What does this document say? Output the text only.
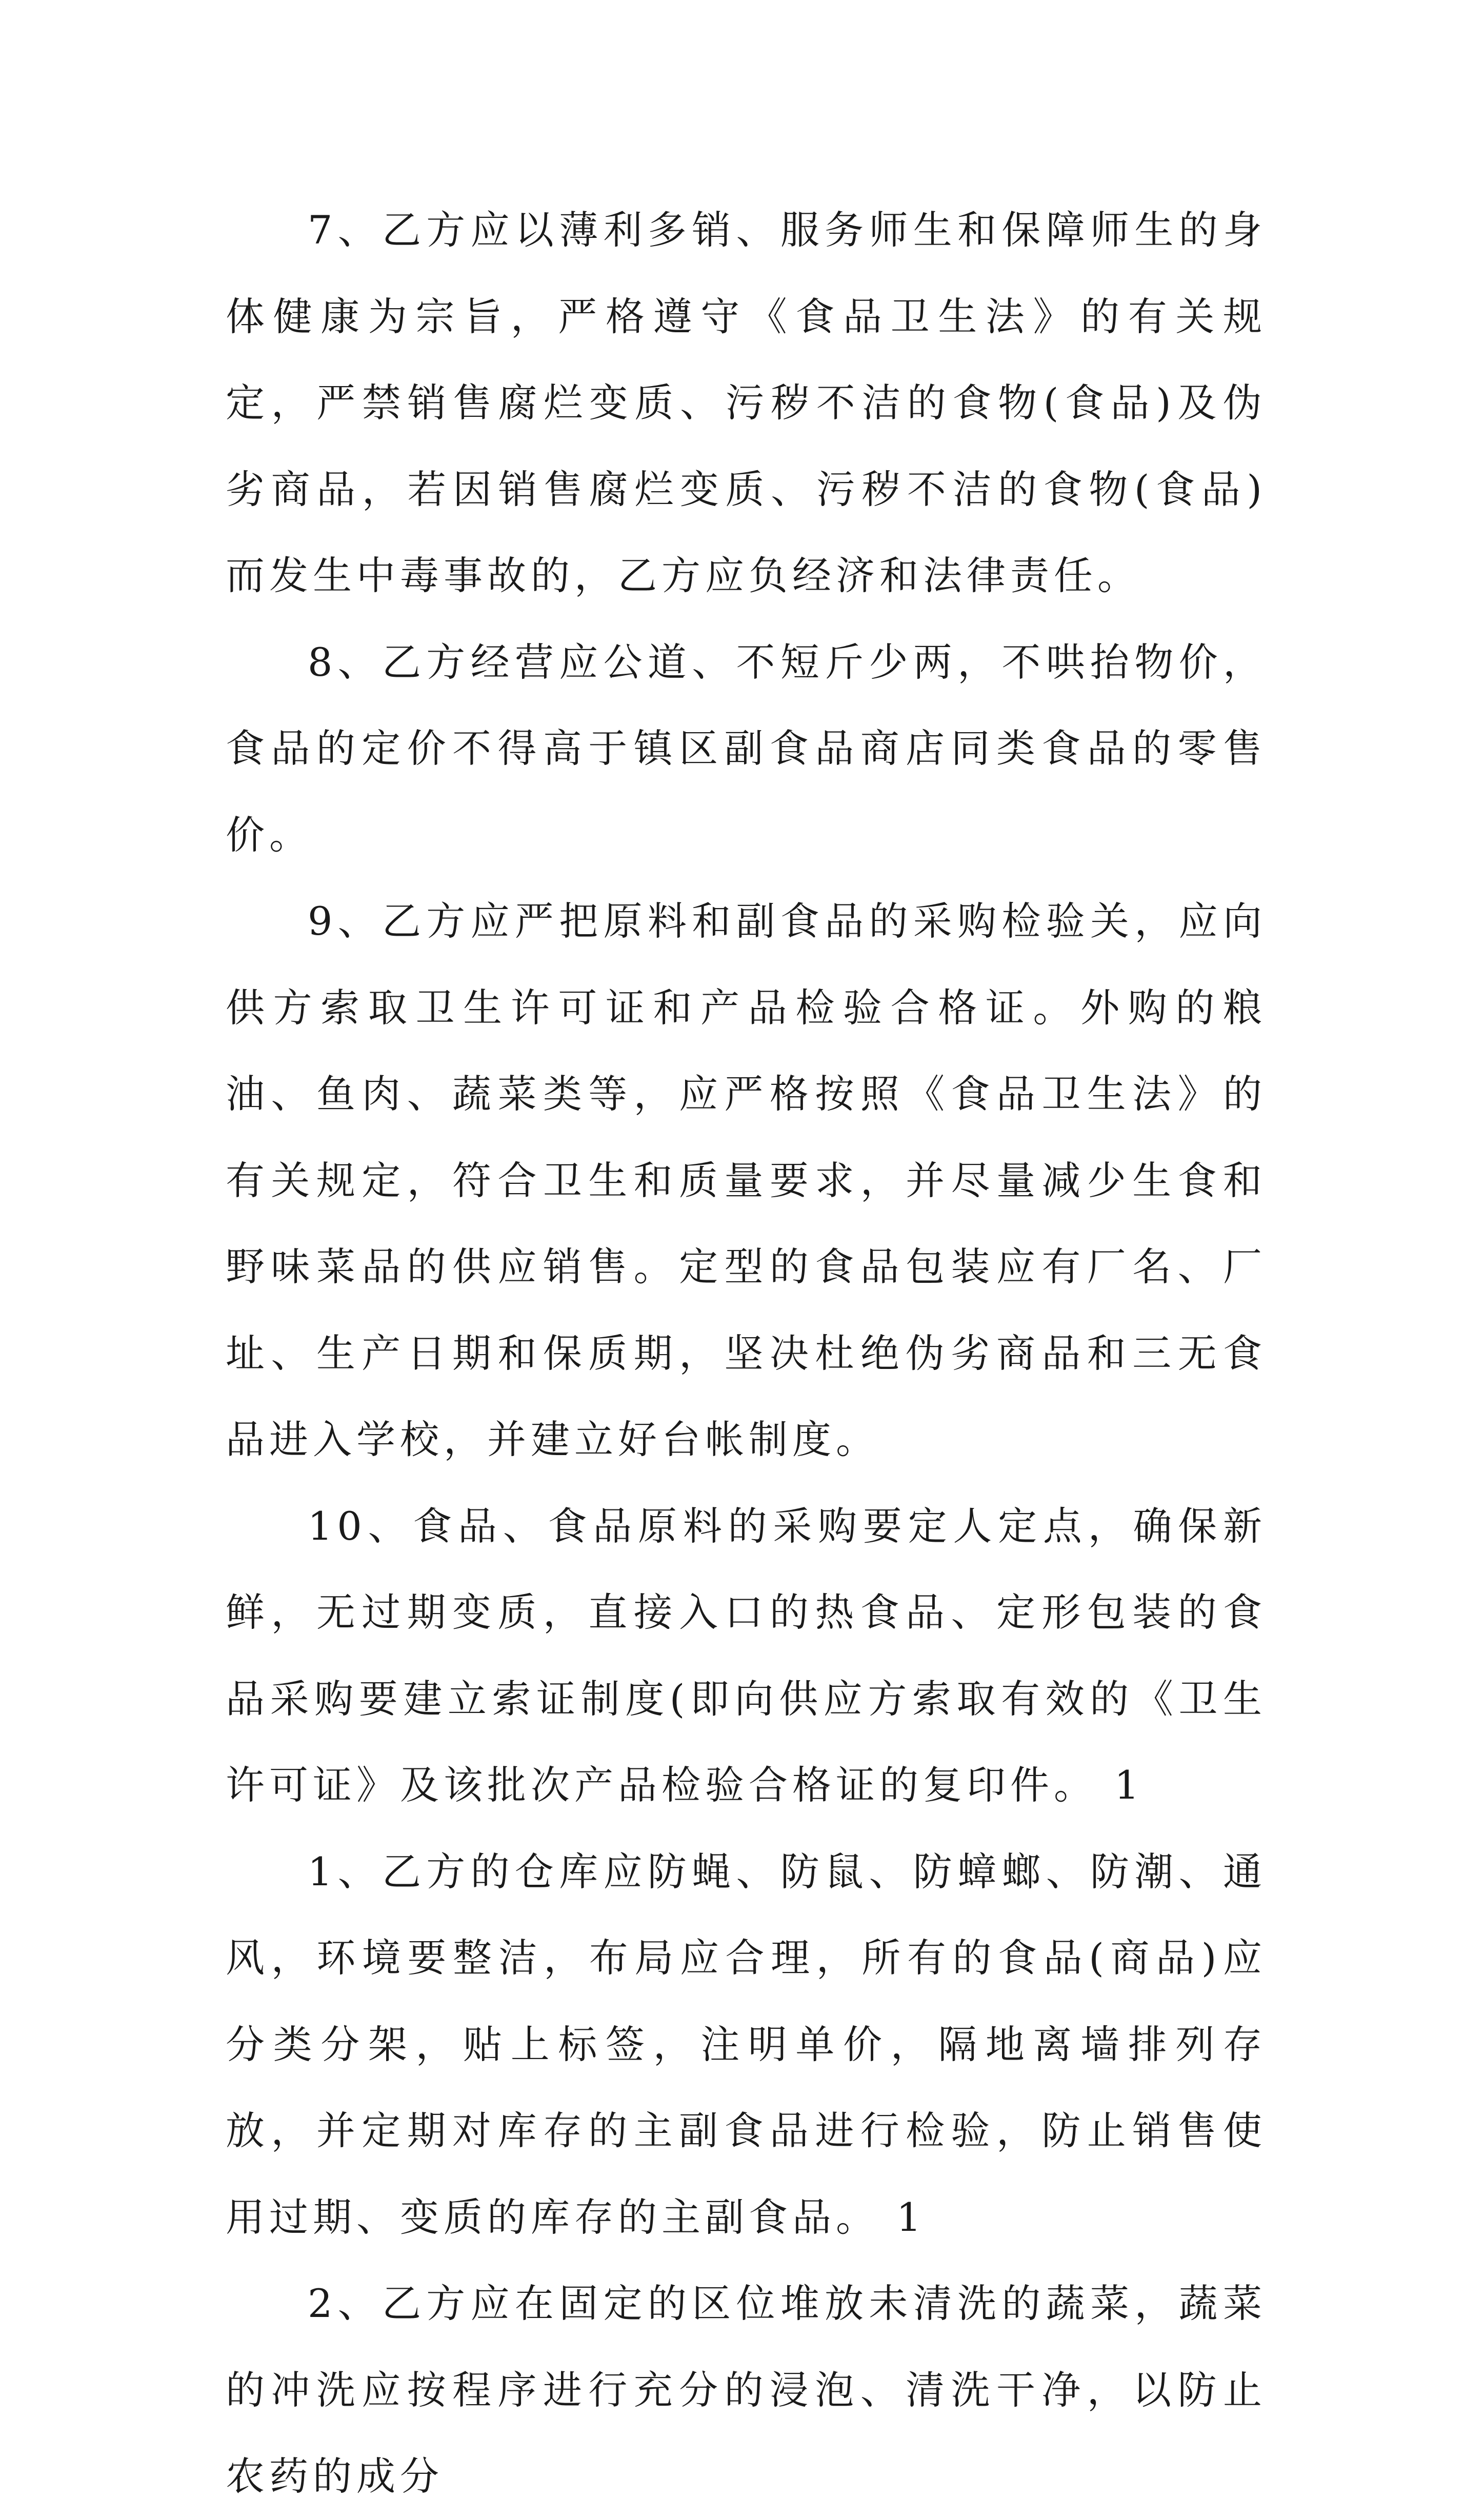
7、乙方应以薄利多销、服务师生和保障师生的身体健康为宗旨，严格遵守《食品卫生法》的有关规定，严禁销售腐烂变质、污秽不洁的食物(食品)及伪劣商品，若因销售腐烂变质、污秽不洁的食物(食品)而发生中毒事故的，乙方应负经济和法律责任。

8、乙方经营应公道、不短斤少两，不哄抬物价，食品的定价不得高于镇区副食品商店同类食品的零售价。

9、乙方应严把原料和副食品的采购检验关，应向供方索取卫生许可证和产品检验合格证。外购的粮油、鱼肉、蔬菜类等，应严格按照《食品卫生法》的有关规定，符合卫生和质量要求，并尽量减少生食和野味菜品的供应销售。定型的食品包装应有厂名、厂址、生产日期和保质期，坚决杜绝伪劣商品和三无食品进入学校，并建立好台帐制度。

10、食品、食品原料的采购要定人定点，确保新鲜，无过期变质，直接入口的热食品、定形包装的食品采购要建立索证制度(即向供应方索取有效的《卫生许可证》及该批次产品检验合格证的复印件。 1

1、乙方的仓库应防蝇、防鼠、防蟑螂、防潮、通风，环境要整洁，布局应合理，所有的食品(商品)应分类分架，贴上标签，注明单价，隔地离墙排列存放，并定期对库存的主副食品进行检验，防止销售使用过期、变质的库存的主副食品。 1

2、乙方应在固定的区位堆放未清洗的蔬菜，蔬菜的冲洗应按程序进行充分的浸泡、清洗干净，以防止农药的成分
